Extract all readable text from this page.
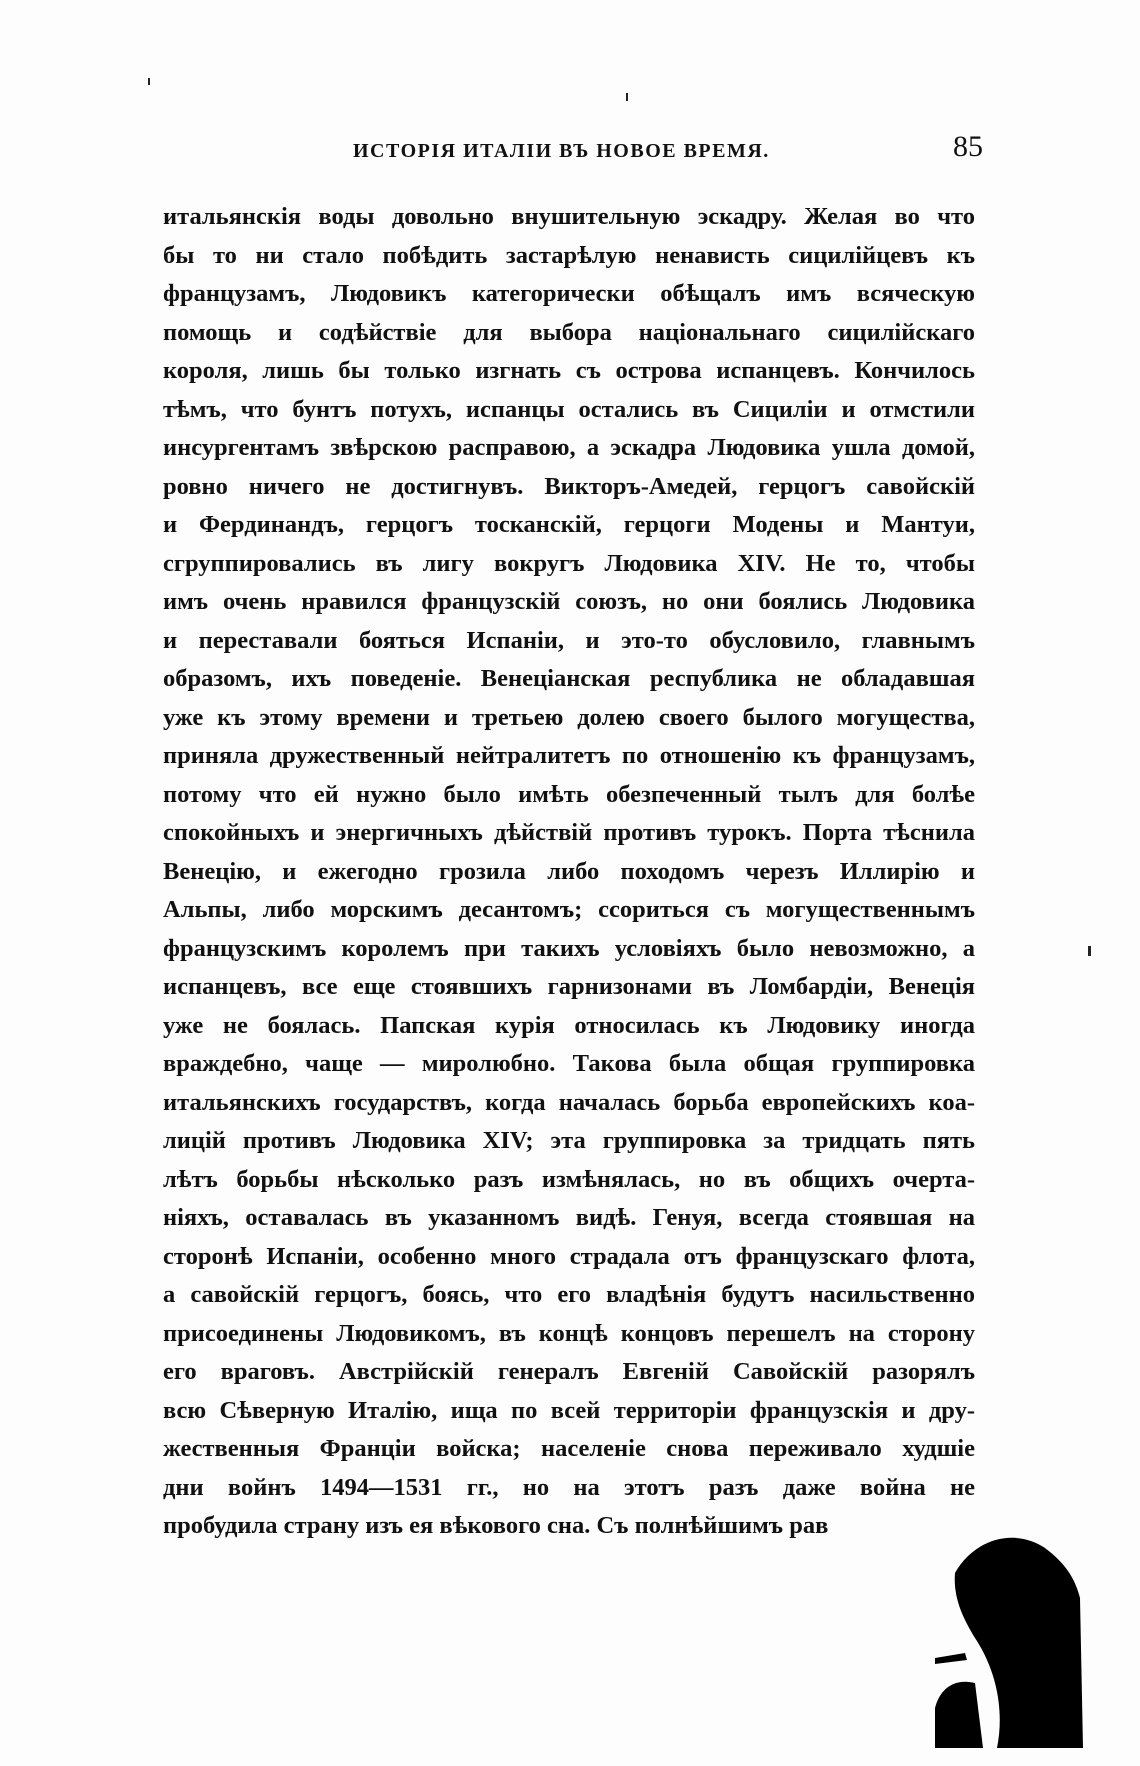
ИСТОРІЯ ИТАЛІИ ВЪ НОВОЕ ВРЕМЯ.	85
итальянскія воды довольно внушительную эскадру. Желая во что
бы то ни стало побѣдить застарѣлую ненависть сицилійцевъ къ
французамъ, Людовикъ категорически обѣщалъ имъ всяческую
помощь и содѣйствіе для выбора національнаго сицилійскаго
короля, лишь бы только изгнать съ острова испанцевъ. Кончилось
тѣмъ, что бунтъ потухъ, испанцы остались въ Сициліи и отмстили
инсургентамъ звѣрскою расправою, а эскадра Людовика ушла домой,
ровно ничего не достигнувъ. Викторъ-Амедей, герцогъ савойскій
и Фердинандъ, герцогъ тосканскій, герцоги Модены и Мантуи,
сгруппировались въ лигу вокругъ Людовика XIV. Не то, чтобы
имъ очень нравился французскій союзъ, но они боялись Людовика
и переставали бояться Испаніи, и это-то обусловило, главнымъ
образомъ, ихъ поведеніе. Венеціанская республика не обладавшая
уже къ этому времени и третьею долею своего былого могущества,
приняла дружественный нейтралитетъ по отношенію къ французамъ,
потому что ей нужно было имѣть обезпеченный тылъ для болѣе
спокойныхъ и энергичныхъ дѣйствій противъ турокъ. Порта тѣснила
Венецію, и ежегодно грозила либо походомъ черезъ Иллирію и
Альпы, либо морскимъ десантомъ; ссориться съ могущественнымъ
французскимъ королемъ при такихъ условіяхъ было невозможно, а
испанцевъ, все еще стоявшихъ гарнизонами въ Ломбардіи, Венеція
уже не боялась. Папская курія относилась къ Людовику иногда
враждебно, чаще — миролюбно. Такова была общая группировка
итальянскихъ государствъ, когда началась борьба европейскихъ коа-
лицій противъ Людовика XIV; эта группировка за тридцать пять
лѣтъ борьбы нѣсколько разъ измѣнялась, но въ общихъ очерта-
ніяхъ, оставалась въ указанномъ видѣ. Генуя, всегда стоявшая на
сторонѣ Испаніи, особенно много страдала отъ французскаго флота,
а савойскій герцогъ, боясь, что его владѣнія будутъ насильственно
присоединены Людовикомъ, въ концѣ концовъ перешелъ на сторону
его враговъ. Австрійскій генералъ Евгеній Савойскій разорялъ
всю Сѣверную Италію, ища по всей территоріи французскія и дру-
жественныя Франціи войска; населеніе снова переживало худшіе
дни войнъ 1494—1531 гг., но на этотъ разъ даже война не
пробудила страну изъ ея вѣкового сна. Съ полнѣйшимъ рав
